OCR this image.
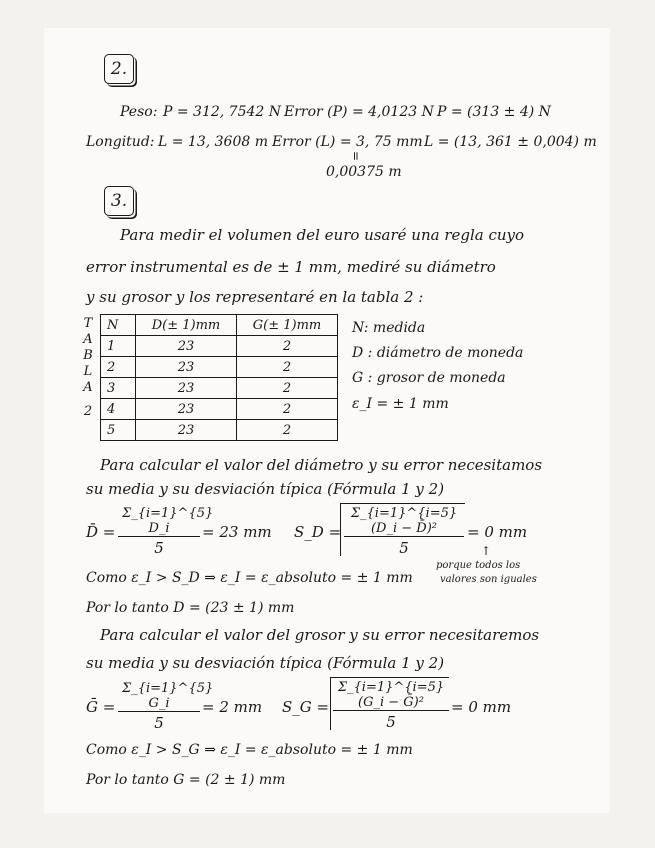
2.
Peso: P = 312, 7542 N Error (P) = 4,0123 N P = (313 ± 4) N
Longitud: L = 13, 3608 m Error (L) = 3, 75 mm L = (13, 361 ± 0,004) m
=
0,00375 m
3.
Para medir el volumen del euro usaré una regla cuyo
error instrumental es de ± 1 mm, mediré su diámetro
y su grosor y los representaré en la tabla 2 :
T
A
B
L
A
2
N	D(± 1)mm	G(± 1)mm
1	23	2
2	23	2
3	23	2
4	23	2
5	23	2
N: medida
D : diámetro de moneda
G : grosor de moneda
ε_I = ± 1 mm
Para calcular el valor del diámetro y su error necesitamos
su media y su desviación típica (Fórmula 1 y 2)
D̄ = $\frac{\Sigma\_\{i=1\}\^{}\{5\} D\_i}{5} = 23$ mm S_D = $\frac{\text{Σ\_\{i=1\}\textasciicircum{}\{i=5\} (D\_i − D̄)²}}{5} = 0$ mm
↑
porque todos los
valores son iguales
Como ε_I > S_D ⇒ ε_I = ε_absoluto = ± 1 mm
Por lo tanto D = (23 ± 1) mm
Para calcular el valor del grosor y su error necesitaremos
su media y su desviación típica (Fórmula 1 y 2)
Ḡ = $\frac{\Sigma\_\{i=1\}\^{}\{5\} G\_i}{5} = 2$ mm S_G = $\frac{\text{Σ\_\{i=1\}\textasciicircum{}\{i=5\} (G\_i − Ḡ)²}}{5} = 0$ mm
Como ε_I > S_G ⇒ ε_I = ε_absoluto = ± 1 mm
Por lo tanto G = (2 ± 1) mm
